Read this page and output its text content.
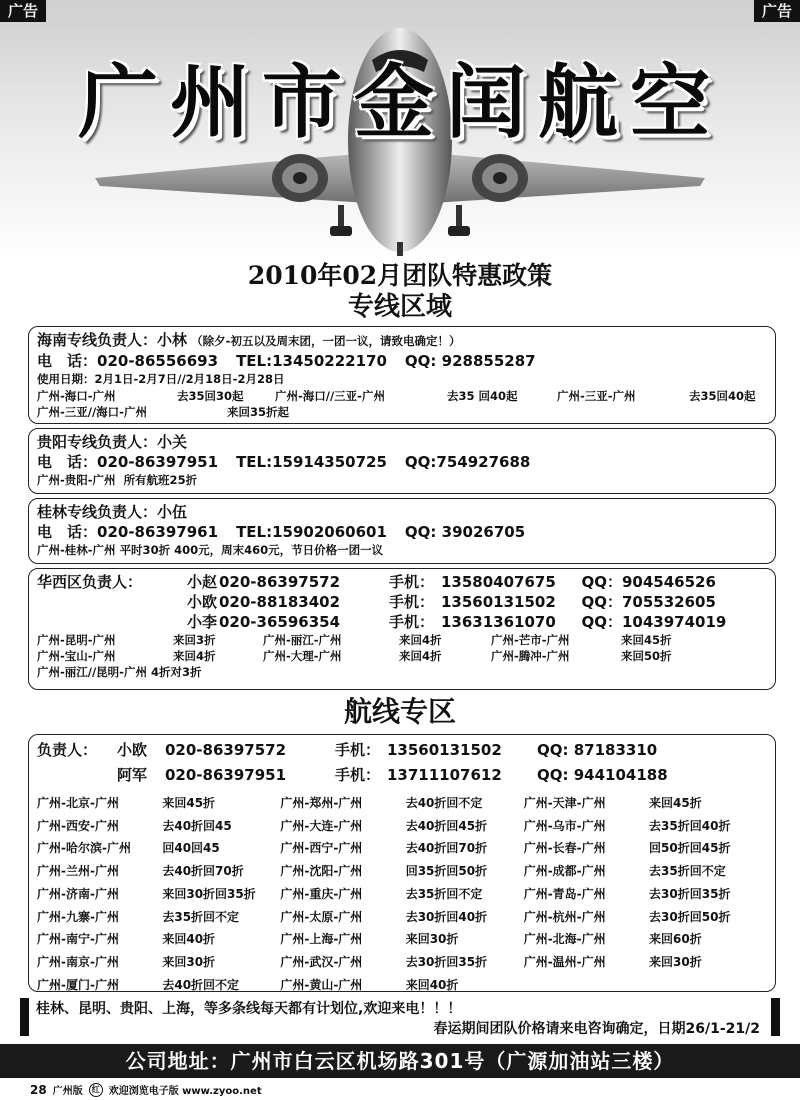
广州市金闰航空
广告	广告
2010年02月团队特惠政策
专线区域
海南专线负责人：小林 （除夕-初五以及周末团，一团一议，请致电确定！）
电　话：020-86556693 TEL:13450222170 QQ: 928855287
使用日期：2月1日-2月7日//2月18日-2月28日
广州-海口-广州	去35回30起	广州-海口//三亚-广州	去35 回40起	广州-三亚-广州	去35回40起
广州-三亚//海口-广州	来回35折起
贵阳专线负责人：小关
电　话：020-86397951 TEL:15914350725 QQ:754927688
广州-贵阳-广州 所有航班25折
桂林专线负责人：小伍
电　话：020-86397961 TEL:15902060601 QQ: 39026705
广州-桂林-广州 平时30折 400元，周末460元，节日价格一团一议
华西区负责人：	小赵 020-86397572	手机： 13580407675 QQ：904546526
小欧 020-88183402	手机： 13560131502 QQ：705532605
小李 020-36596354	手机： 13631361070 QQ：1043974019
广州-昆明-广州	来回3折	广州-丽江-广州	来回4折	广州-芒市-广州	来回45折
广州-宝山-广州	来回4折	广州-大理-广州	来回4折	广州-腾冲-广州	来回50折
广州-丽江//昆明-广州 4折对3折
航线专区
负责人：	小欧	020-86397572	手机： 13560131502	QQ: 87183310
阿军	020-86397951	手机： 13711107612	QQ: 944104188
广州-北京-广州	来回45折	广州-郑州-广州	去40折回不定	广州-天津-广州	来回45折
广州-西安-广州	去40折回45	广州-大连-广州	去40折回45折	广州-乌市-广州	去35折回40折
广州-哈尔滨-广州	回40回45	广州-西宁-广州	去40折回70折	广州-长春-广州	回50折回45折
广州-兰州-广州	去40折回70折	广州-沈阳-广州	回35折回50折	广州-成都-广州	去35折回不定
广州-济南-广州	来回30折回35折	广州-重庆-广州	去35折回不定	广州-青岛-广州	去30折回35折
广州-九寨-广州	去35折回不定	广州-太原-广州	去30折回40折	广州-杭州-广州	去30折回50折
广州-南宁-广州	来回40折	广州-上海-广州	来回30折	广州-北海-广州	来回60折
广州-南京-广州	来回30折	广州-武汉-广州	去30折回35折	广州-温州-广州	来回30折
广州-厦门-广州	去40折回不定	广州-黄山-广州	来回40折
桂林、昆明、贵阳、上海，等多条线每天都有计划位,欢迎来电！！！
春运期间团队价格请来电咨询确定，日期26/1-21/2
公司地址：广州市白云区机场路301号（广源加油站三楼）
28 广州版	红 欢迎浏览电子版 www.zyoo.net
